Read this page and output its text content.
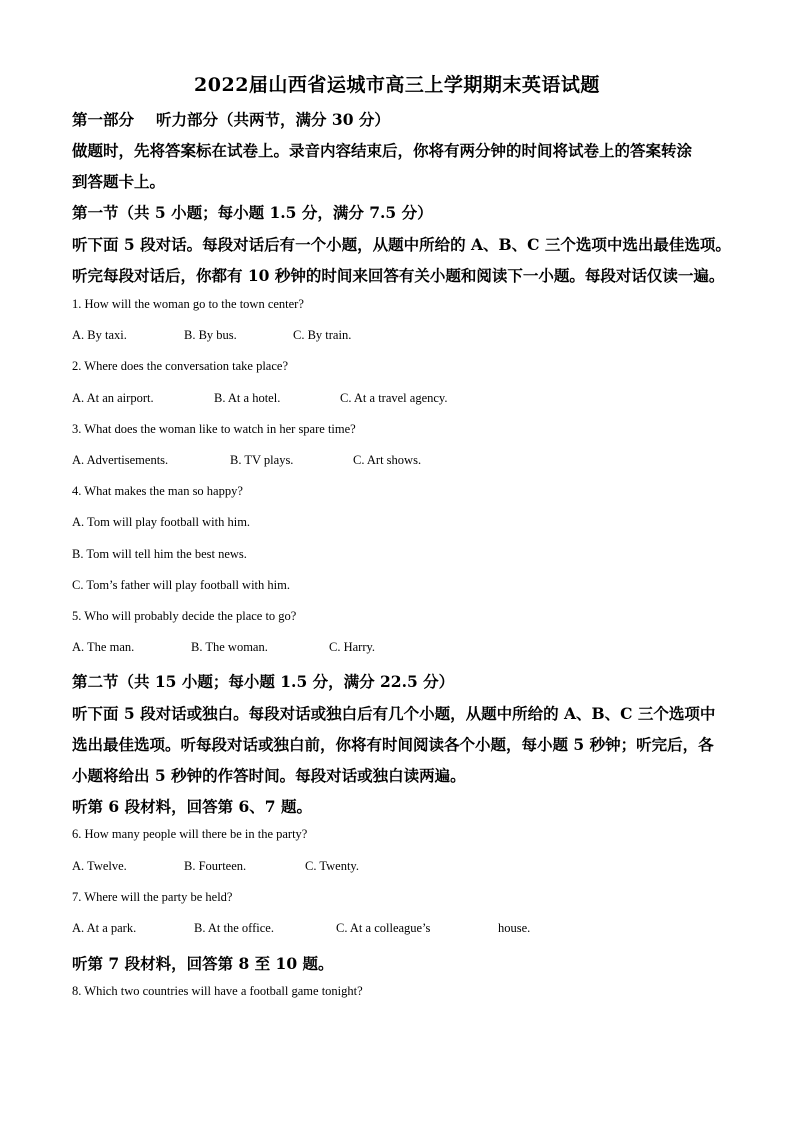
2022届山西省运城市高三上学期期末英语试题
第一部分 听力部分（共两节，满分 30 分）
做题时，先将答案标在试卷上。录音内容结束后，你将有两分钟的时间将试卷上的答案转涂
到答题卡上。
第一节（共 5 小题；每小题 1.5 分，满分 7.5 分）
听下面 5 段对话。每段对话后有一个小题，从题中所给的 A、B、C 三个选项中选出最佳选项。
听完每段对话后，你都有 10 秒钟的时间来回答有关小题和阅读下一小题。每段对话仅读一遍。
1. How will the woman go to the town center?
A. By taxi.	B. By bus.	C. By train.
2. Where does the conversation take place?
A. At an airport.	B. At a hotel.	C. At a travel agency.
3. What does the woman like to watch in her spare time?
A. Advertisements.	B. TV plays.	C. Art shows.
4. What makes the man so happy?
A. Tom will play football with him.
B. Tom will tell him the best news.
C. Tom’s father will play football with him.
5. Who will probably decide the place to go?
A. The man.	B. The woman.	C. Harry.
第二节（共 15 小题；每小题 1.5 分，满分 22.5 分）
听下面 5 段对话或独白。每段对话或独白后有几个小题，从题中所给的 A、B、C 三个选项中
选出最佳选项。听每段对话或独白前，你将有时间阅读各个小题，每小题 5 秒钟；听完后，各
小题将给出 5 秒钟的作答时间。每段对话或独白读两遍。
听第 6 段材料，回答第 6、7 题。
6. How many people will there be in the party?
A. Twelve.	B. Fourteen.	C. Twenty.
7. Where will the party be held?
A. At a park.	B. At the office.	C. At a colleague’s	house.
听第 7 段材料，回答第 8 至 10 题。
8. Which two countries will have a football game tonight?
